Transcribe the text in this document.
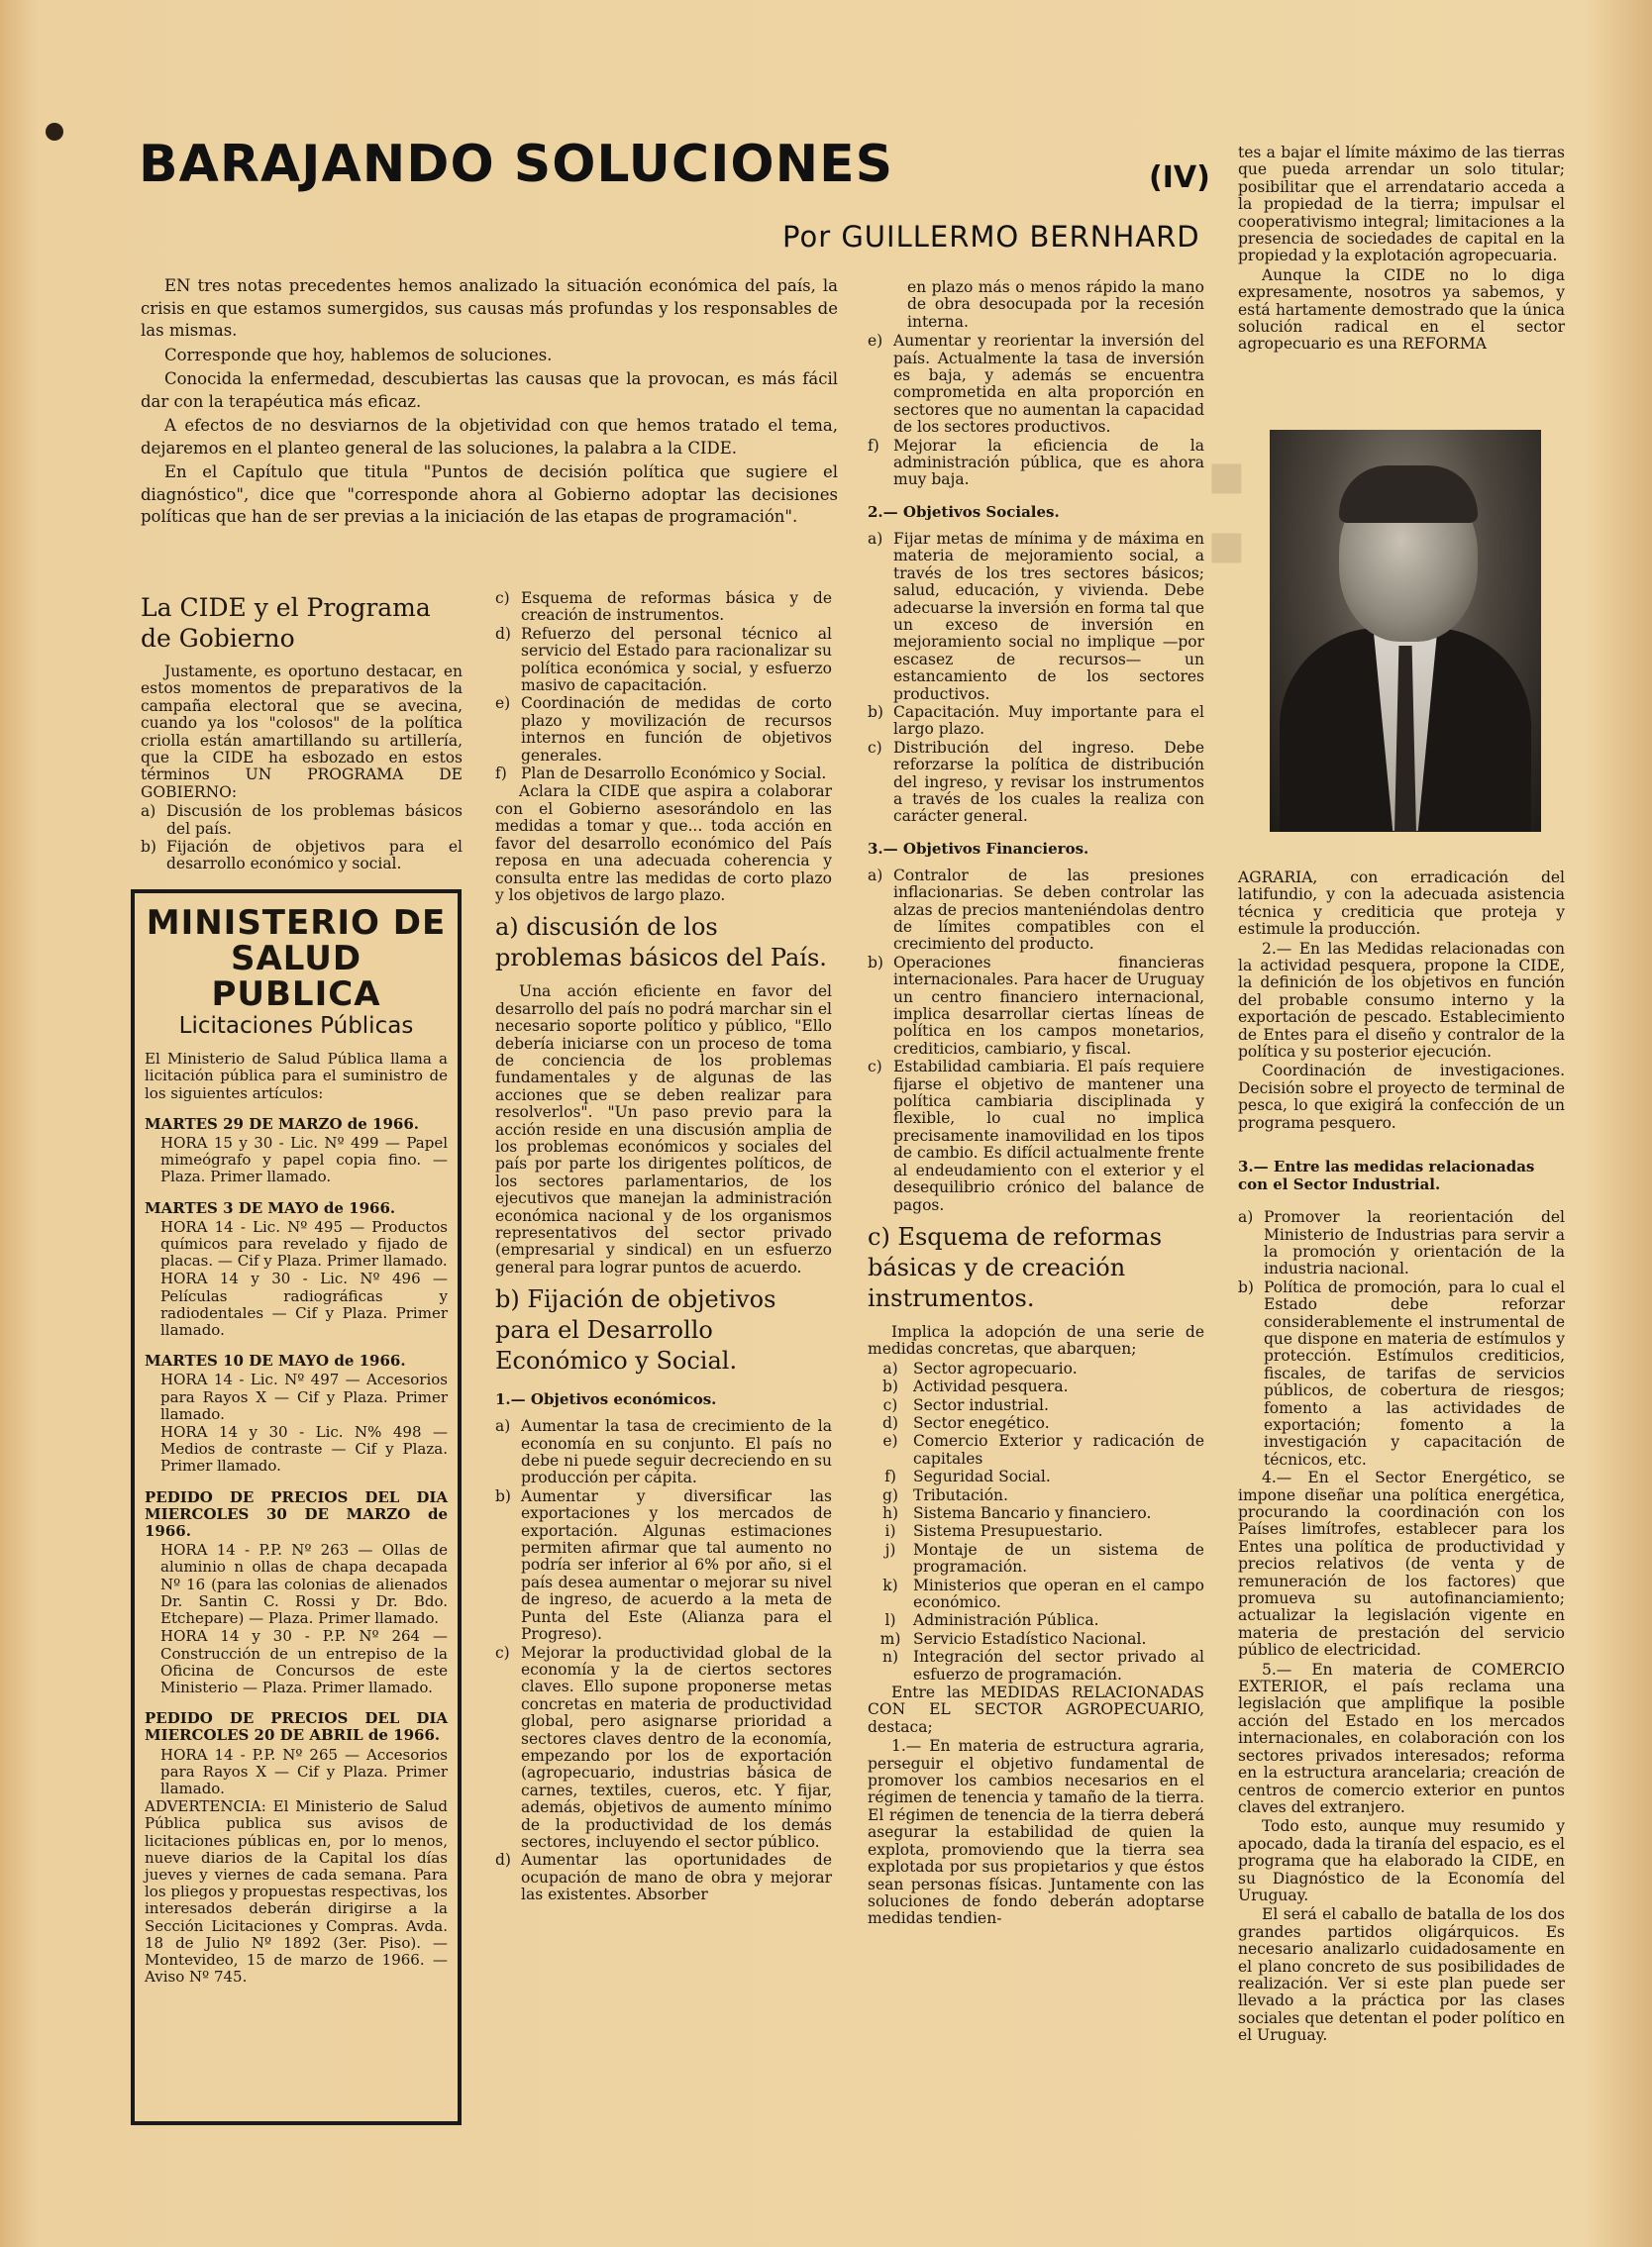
BARAJANDO SOLUCIONES	(IV)
Por GUILLERMO BERNHARD

EN tres notas precedentes hemos analizado la situación económica del país, la crisis en que estamos sumergidos, sus causas más profundas y los responsables de las mismas.

Corresponde que hoy, hablemos de soluciones.

Conocida la enfermedad, descubiertas las causas que la provocan, es más fácil dar con la terapéutica más eficaz.

A efectos de no desviarnos de la objetividad con que hemos tratado el tema, dejaremos en el planteo general de las soluciones, la palabra a la CIDE.

En el Capítulo que titula "Puntos de decisión política que sugiere el diagnóstico", dice que "corresponde ahora al Gobierno adoptar las decisiones políticas que han de ser previas a la iniciación de las etapas de programación".

La CIDE y el Programa de Gobierno

Justamente, es oportuno destacar, en estos momentos de preparativos de la campaña electoral que se avecina, cuando ya los "colosos" de la política criolla están amartillando su artillería, que la CIDE ha esbozado en estos términos UN PROGRAMA DE GOBIERNO:

a) Discusión de los problemas básicos del país.
b) Fijación de objetivos para el desarrollo económico y social.

MINISTERIO DE SALUD PUBLICA

Licitaciones Públicas

El Ministerio de Salud Pública llama a licitación pública para el suministro de los siguientes artículos:

MARTES 29 DE MARZO de 1966.

HORA 15 y 30 - Lic. Nº 499 — Papel mimeógrafo y papel copia fino. — Plaza. Primer llamado.

MARTES 3 DE MAYO de 1966.

HORA 14 - Lic. Nº 495 — Productos químicos para revelado y fijado de placas. — Cif y Plaza. Primer llamado.

HORA 14 y 30 - Lic. Nº 496 — Películas radiográficas y radiodentales — Cif y Plaza. Primer llamado.

MARTES 10 DE MAYO de 1966.

HORA 14 - Lic. Nº 497 — Accesorios para Rayos X — Cif y Plaza. Primer llamado.

HORA 14 y 30 - Lic. N% 498 — Medios de contraste — Cif y Plaza. Primer llamado.

PEDIDO DE PRECIOS DEL DIA MIERCOLES 30 DE MARZO de 1966.

HORA 14 - P.P. Nº 263 — Ollas de aluminio n ollas de chapa decapada Nº 16 (para las colonias de alienados Dr. Santin C. Rossi y Dr. Bdo. Etchepare) — Plaza. Primer llamado.

HORA 14 y 30 - P.P. Nº 264 — Construcción de un entrepiso de la Oficina de Concursos de este Ministerio — Plaza. Primer llamado.

PEDIDO DE PRECIOS DEL DIA MIERCOLES 20 DE ABRIL de 1966.

HORA 14 - P.P. Nº 265 — Accesorios para Rayos X — Cif y Plaza. Primer llamado.

ADVERTENCIA: El Ministerio de Salud Pública publica sus avisos de licitaciones públicas en, por lo menos, nueve diarios de la Capital los días jueves y viernes de cada semana. Para los pliegos y propuestas respectivas, los interesados deberán dirigirse a la Sección Licitaciones y Compras. Avda. 18 de Julio Nº 1892 (3er. Piso). — Montevideo, 15 de marzo de 1966. — Aviso Nº 745.

c) Esquema de reformas básica y de creación de instrumentos.
d) Refuerzo del personal técnico al servicio del Estado para racionalizar su política económica y social, y esfuerzo masivo de capacitación.
e) Coordinación de medidas de corto plazo y movilización de recursos internos en función de objetivos generales.
f) Plan de Desarrollo Económico y Social.

Aclara la CIDE que aspira a colaborar con el Gobierno asesorándolo en las medidas a tomar y que... toda acción en favor del desarrollo económico del País reposa en una adecuada coherencia y consulta entre las medidas de corto plazo y los objetivos de largo plazo.

a) discusión de los problemas básicos del País.

Una acción eficiente en favor del desarrollo del país no podrá marchar sin el necesario soporte político y público, "Ello debería iniciarse con un proceso de toma de conciencia de los problemas fundamentales y de algunas de las acciones que se deben realizar para resolverlos". "Un paso previo para la acción reside en una discusión amplia de los problemas económicos y sociales del país por parte los dirigentes políticos, de los sectores parlamentarios, de los ejecutivos que manejan la administración económica nacional y de los organismos representativos del sector privado (empresarial y sindical) en un esfuerzo general para lograr puntos de acuerdo.

b) Fijación de objetivos para el Desarrollo Económico y Social.
1.— Objetivos económicos.
a) Aumentar la tasa de crecimiento de la economía en su conjunto. El país no debe ni puede seguir decreciendo en su producción per cápita.
b) Aumentar y diversificar las exportaciones y los mercados de exportación. Algunas estimaciones permiten afirmar que tal aumento no podría ser inferior al 6% por año, si el país desea aumentar o mejorar su nivel de ingreso, de acuerdo a la meta de Punta del Este (Alianza para el Progreso).
c) Mejorar la productividad global de la economía y la de ciertos sectores claves. Ello supone proponerse metas concretas en materia de productividad global, pero asignarse prioridad a sectores claves dentro de la economía, empezando por los de exportación (agropecuario, industrias básica de carnes, textiles, cueros, etc. Y fijar, además, objetivos de aumento mínimo de la productividad de los demás sectores, incluyendo el sector público.
d) Aumentar las oportunidades de ocupación de mano de obra y mejorar las existentes. Absorber

en plazo más o menos rápido la mano de obra desocupada por la recesión interna.

e) Aumentar y reorientar la inversión del país. Actualmente la tasa de inversión es baja, y además se encuentra comprometida en alta proporción en sectores que no aumentan la capacidad de los sectores productivos.
f) Mejorar la eficiencia de la administración pública, que es ahora muy baja.
2.— Objetivos Sociales.
a) Fijar metas de mínima y de máxima en materia de mejoramiento social, a través de los tres sectores básicos; salud, educación, y vivienda. Debe adecuarse la inversión en forma tal que un exceso de inversión en mejoramiento social no implique —por escasez de recursos— un estancamiento de los sectores productivos.
b) Capacitación. Muy importante para el largo plazo.
c) Distribución del ingreso. Debe reforzarse la política de distribución del ingreso, y revisar los instrumentos a través de los cuales la realiza con carácter general.
3.— Objetivos Financieros.
a) Contralor de las presiones inflacionarias. Se deben controlar las alzas de precios manteniéndolas dentro de límites compatibles con el crecimiento del producto.
b) Operaciones financieras internacionales. Para hacer de Uruguay un centro financiero internacional, implica desarrollar ciertas líneas de política en los campos monetarios, crediticios, cambiario, y fiscal.
c) Estabilidad cambiaria. El país requiere fijarse el objetivo de mantener una política cambiaria disciplinada y flexible, lo cual no implica precisamente inamovilidad en los tipos de cambio. Es difícil actualmente frente al endeudamiento con el exterior y el desequilibrio crónico del balance de pagos.
c) Esquema de reformas básicas y de creación instrumentos.

Implica la adopción de una serie de medidas concretas, que abarquen;

a) Sector agropecuario.
b) Actividad pesquera.
c)	Sector industrial.
d) Sector enegético.
e) Comercio Exterior y radicación de capitales
f)	Seguridad Social.
g) Tributación.
h) Sistema Bancario y financiero.
i)	Sistema Presupuestario.
j)	Montaje de un sistema de programación.
k) Ministerios que operan en el campo económico.
l)	Administración Pública.
m) Servicio Estadístico Nacional.
n) Integración del sector privado al esfuerzo de programación.

Entre las MEDIDAS RELACIONADAS CON EL SECTOR AGROPECUARIO, destaca;

1.— En materia de estructura agraria, perseguir el objetivo fundamental de promover los cambios necesarios en el régimen de tenencia y tamaño de la tierra. El régimen de tenencia de la tierra deberá asegurar la estabilidad de quien la explota, promoviendo que la tierra sea explotada por sus propietarios y que éstos sean personas físicas. Juntamente con las soluciones de fondo deberán adoptarse medidas tendien-

tes a bajar el límite máximo de las tierras que pueda arrendar un solo titular; posibilitar que el arrendatario acceda a la propiedad de la tierra; impulsar el cooperativismo integral; limitaciones a la presencia de sociedades de capital en la propiedad y la explotación agropecuaria.

Aunque la CIDE no lo diga expresamente, nosotros ya sabemos, y está hartamente demostrado que la única solución radical en el sector agropecuario es una REFORMA

▪
▪

AGRARIA, con erradicación del latifundio, y con la adecuada asistencia técnica y crediticia que proteja y estimule la producción.

2.— En las Medidas relacionadas con la actividad pesquera, propone la CIDE, la definición de los objetivos en función del probable consumo interno y la exportación de pescado. Establecimiento de Entes para el diseño y contralor de la política y su posterior ejecución.

Coordinación de investigaciones. Decisión sobre el proyecto de terminal de pesca, lo que exigirá la confección de un programa pesquero.

3.— Entre las medidas relacionadas con el Sector Industrial.
a) Promover la reorientación del Ministerio de Industrias para servir a la promoción y orientación de la industria nacional.
b) Política de promoción, para lo cual el Estado debe reforzar considerablemente el instrumental de que dispone en materia de estímulos y protección. Estímulos crediticios, fiscales, de tarifas de servicios públicos, de cobertura de riesgos; fomento a las actividades de exportación; fomento a la investigación y capacitación de técnicos, etc.

4.— En el Sector Energético, se impone diseñar una política energética, procurando la coordinación con los Países limítrofes, establecer para los Entes una política de productividad y precios relativos (de venta y de remuneración de los factores) que promueva su autofinanciamiento; actualizar la legislación vigente en materia de prestación del servicio público de electricidad.

5.— En materia de COMERCIO EXTERIOR, el país reclama una legislación que amplifique la posible acción del Estado en los mercados internacionales, en colaboración con los sectores privados interesados; reforma en la estructura arancelaria; creación de centros de comercio exterior en puntos claves del extranjero.

Todo esto, aunque muy resumido y apocado, dada la tiranía del espacio, es el programa que ha elaborado la CIDE, en su Diagnóstico de la Economía del Uruguay.

El será el caballo de batalla de los dos grandes partidos oligárquicos. Es necesario analizarlo cuidadosamente en el plano concreto de sus posibilidades de realización. Ver si este plan puede ser llevado a la práctica por las clases sociales que detentan el poder político en el Uruguay.
